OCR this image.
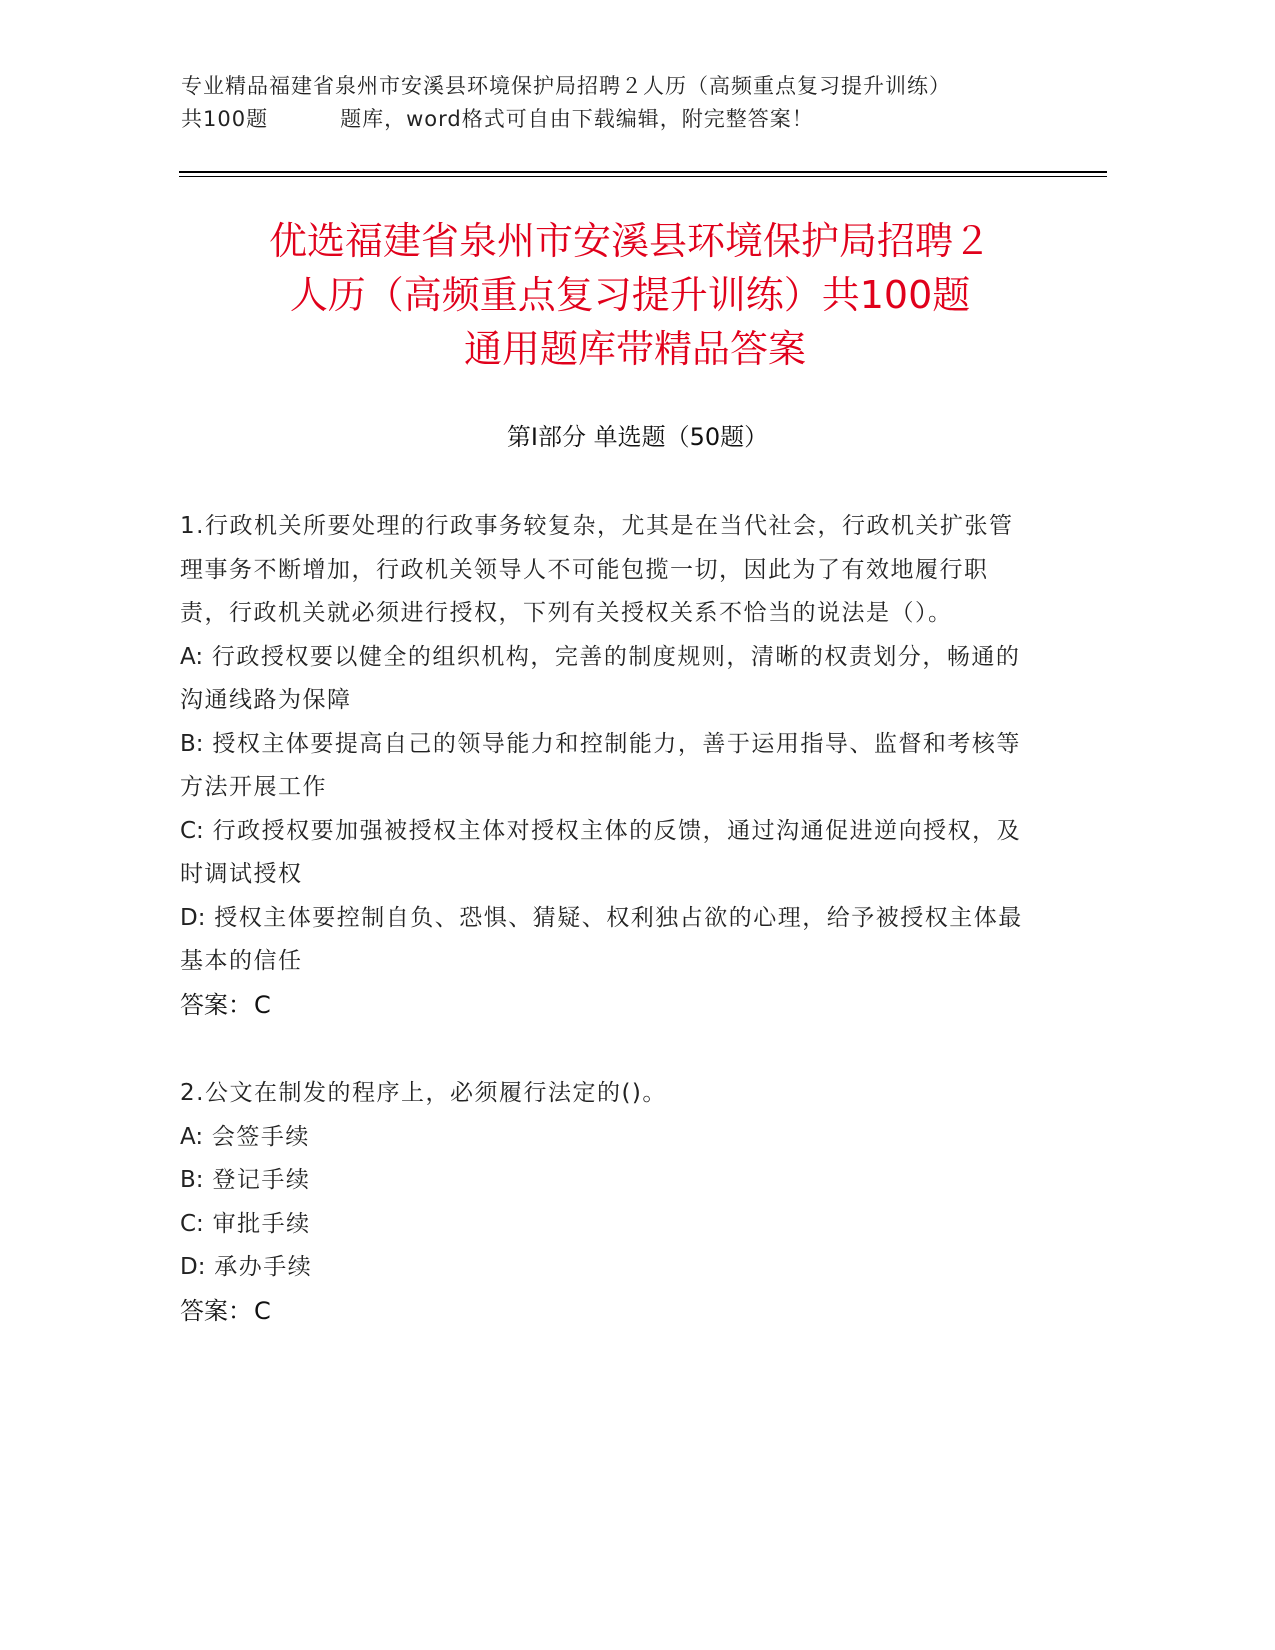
专业精品福建省泉州市安溪县环境保护局招聘２人历（高频重点复习提升训练）
共100题	题库，word格式可自由下载编辑，附完整答案！
优选福建省泉州市安溪县环境保护局招聘２
人历（高频重点复习提升训练）共100题
通用题库带精品答案
第Ⅰ部分 单选题（50题）
1.行政机关所要处理的行政事务较复杂，尤其是在当代社会，行政机关扩张管理事务不断增加，行政机关领导人不可能包揽一切，因此为了有效地履行职责，行政机关就必须进行授权，下列有关授权关系不恰当的说法是（）。
A: 行政授权要以健全的组织机构，完善的制度规则，清晰的权责划分，畅通的沟通线路为保障
B: 授权主体要提高自己的领导能力和控制能力，善于运用指导、监督和考核等方法开展工作
C: 行政授权要加强被授权主体对授权主体的反馈，通过沟通促进逆向授权，及时调试授权
D: 授权主体要控制自负、恐惧、猜疑、权利独占欲的心理，给予被授权主体最基本的信任
答案：C
2.公文在制发的程序上，必须履行法定的()。
A: 会签手续
B: 登记手续
C: 审批手续
D: 承办手续
答案：C
